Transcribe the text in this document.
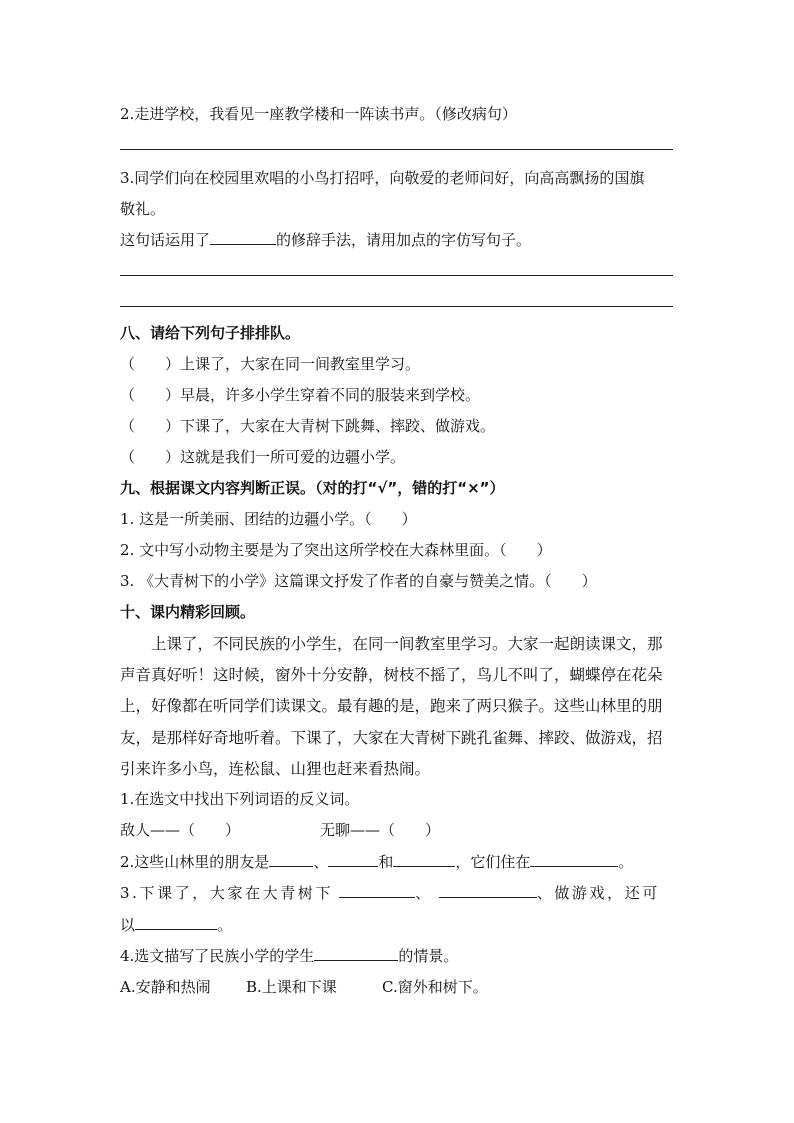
2.走进学校，我看见一座教学楼和一阵读书声。（修改病句）
3.同学们向在校园里欢唱的小鸟打招呼，向敬爱的老师问好，向高高飘扬的国旗
敬礼。
这句话运用了	的修辞手法，请用加点的字仿写句子。
八、请给下列句子排排队。
（　　）上课了，大家在同一间教室里学习。
（　　）早晨，许多小学生穿着不同的服装来到学校。
（　　）下课了，大家在大青树下跳舞、摔跤、做游戏。
（　　）这就是我们一所可爱的边疆小学。
九、根据课文内容判断正误。（对的打“√”，错的打“×”）
1. 这是一所美丽、团结的边疆小学。（　　）
2. 文中写小动物主要是为了突出这所学校在大森林里面。（　　）
3. 《大青树下的小学》这篇课文抒发了作者的自豪与赞美之情。（　　）
十、课内精彩回顾。
　　上课了，不同民族的小学生，在同一间教室里学习。大家一起朗读课文，那
声音真好听！这时候，窗外十分安静，树枝不摇了，鸟儿不叫了，蝴蝶停在花朵
上，好像都在听同学们读课文。最有趣的是，跑来了两只猴子。这些山林里的朋
友，是那样好奇地听着。下课了，大家在大青树下跳孔雀舞、摔跤、做游戏，招
引来许多小鸟，连松鼠、山狸也赶来看热闹。
1.在选文中找出下列词语的反义词。
敌人——（　　）	无聊——（　　）
2.这些山林里的朋友是	、	和	，它们住在	。
3.下课了，大家在大青树下	、	、做游戏，还可
以	。
4.选文描写了民族小学的学生	的情景。
A.安静和热闹 B.上课和下课	C.窗外和树下。
